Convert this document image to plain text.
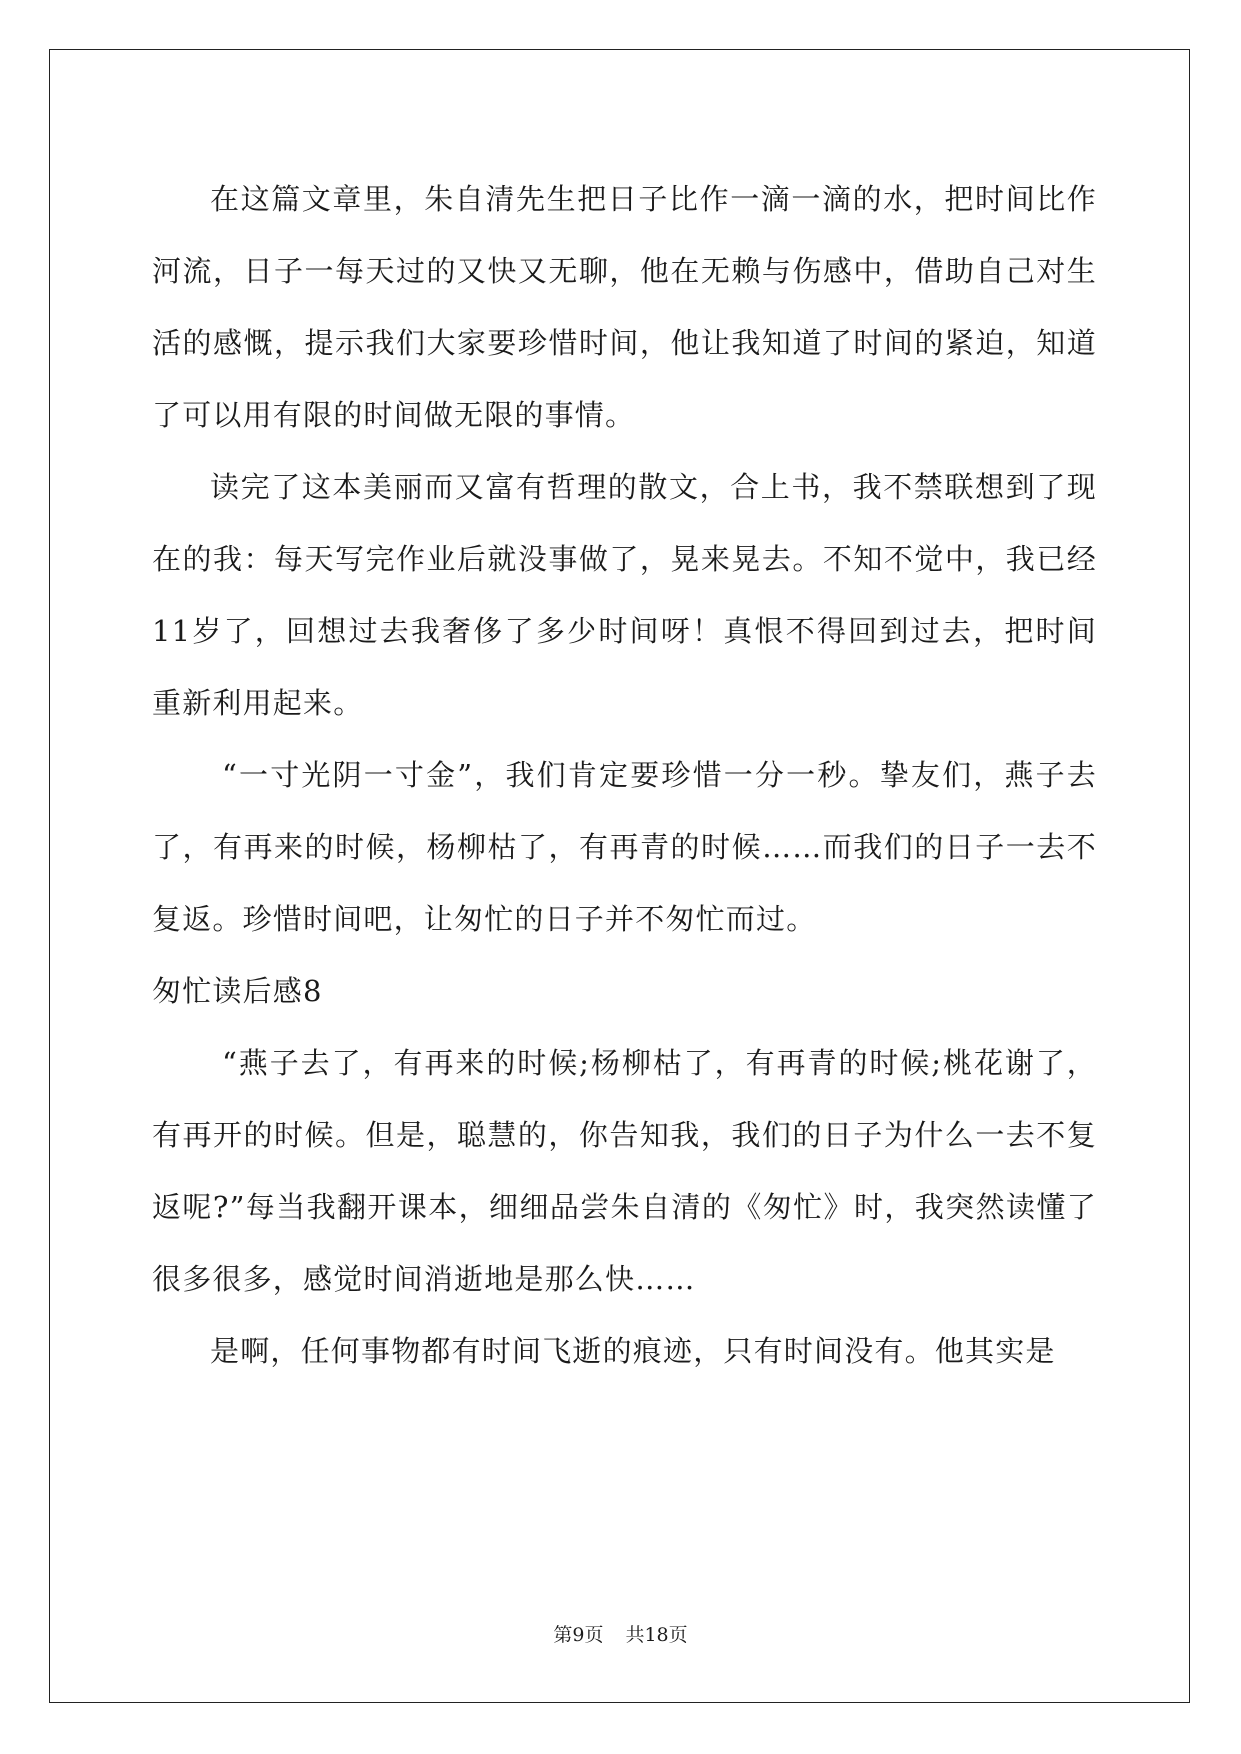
在这篇文章里，朱自清先生把日子比作一滴一滴的水，把时间比作河流，日子一每天过的又快又无聊，他在无赖与伤感中，借助自己对生活的感慨，提示我们大家要珍惜时间，他让我知道了时间的紧迫，知道了可以用有限的时间做无限的事情。

读完了这本美丽而又富有哲理的散文，合上书，我不禁联想到了现在的我：每天写完作业后就没事做了，晃来晃去。不知不觉中，我已经11岁了，回想过去我奢侈了多少时间呀！真恨不得回到过去，把时间重新利用起来。

“一寸光阴一寸金”，我们肯定要珍惜一分一秒。挚友们，燕子去了，有再来的时候，杨柳枯了，有再青的时候……而我们的日子一去不复返。珍惜时间吧，让匆忙的日子并不匆忙而过。

匆忙读后感8

“燕子去了，有再来的时候;杨柳枯了，有再青的时候;桃花谢了，有再开的时候。但是，聪慧的，你告知我，我们的日子为什么一去不复返呢?”每当我翻开课本，细细品尝朱自清的《匆忙》时，我突然读懂了很多很多，感觉时间消逝地是那么快……

是啊，任何事物都有时间飞逝的痕迹，只有时间没有。他其实是

第9页 共18页
